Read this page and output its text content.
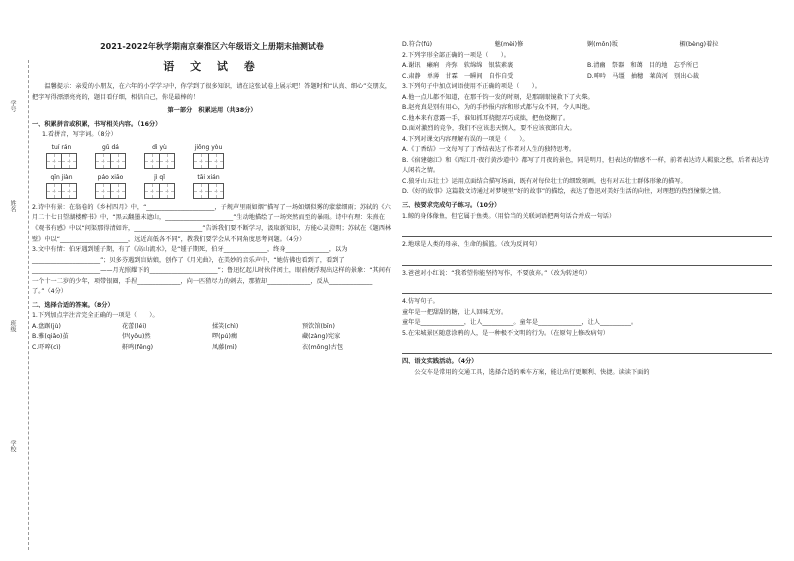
学号
姓名
班级
学校

2021-2022年秋学期南京秦淮区六年级语文上册期末抽测试卷

语 文 试 卷

温馨提示：亲爱的小朋友，在六年的小学学习中，你学到了很多知识，请在这张试卷上展示吧！答题时和“认真、细心”交朋友，把字写得漂漂亮亮的，题目看仔细，相信自己，你是最棒的！

第一部分　积累运用（共38分）

一、积累拼音或积累，书写相关内容。（16分）

1.看拼音，写字词。（8分）

tuí rán	gǔ dá	dì yù	jiōng yòu
qīn jiàn	páo xiāo	jì qǐ	tāi xián

2.诗中有景：在翁卷的《乡村四月》中，“______________________，子规声里雨如烟”描写了一场如烟似雾的蒙蒙细雨；苏轼的《六月二十七日望湖楼醉书》中，“黑云翻墨未遮山，______________________”生动地描绘了一场突然而至的暴雨。诗中有理：朱熹在《观书有感》中以“问渠那得清如许，______________________”告诉我们要不断学习，汲取新知识，方能心灵澄明；苏轼在《题西林壁》中以“______________________，远近高低各不同”，教我们要学会从不同角度思考问题。（4分）

3.文中有情：伯牙遇到锺子期，有了《高山流水》，是“锺子期死，伯牙______________，终身______________，以为______________________”；贝多芬遇到盲姑娘，创作了《月光曲》，在美妙的音乐声中，“她仿佛也看到了，看到了______________________——月光照耀下的______________________”；鲁迅忆起儿时伙伴闰土，眼前便浮现出这样的景象：“其间有一个十一二岁的少年，项带银圈，手捏______________，向一匹猹尽力的刺去，那猹却______________，反从______________了。”（4分）

二、选择合适的答案。（8分）

1.下列加点字注音完全正确的一项是（　　）。

A.盘踞(jù)	花蕾(léi)	揉笑(chì)	预饮馆(bīn)
B.雅(qiǎo)茧	伊(yǒu)然	啰(pú)瘸	藏(zàng)宪家
C.吓啐(cì)	鼾鸣(fēng)	凤藤(mì)	衣(mǒng)古包
D.符合(fú)	魅(mèi)修	婀(mǒn)坂	楣(bèng)着拉

2.下列字形全部正确的一项是（　　）。

A.谢讯　癞痢　舟弥　软绵绵　银装素裹	B.清幽　祭器　和蔼　目的地　忘乎所已
C.肃静　单薄　甘霖　一瞬间　自作自受	D.呻吟　马缰　抽穗　莱茵河　别出心裁

3.下列句子中加点词语使用不正确的项是（　　）。

A.他一点儿都不知道，在那千钧一发的时刻，是那副眼镜救下了火柴。

B.赵亮真是别有用心，为的手抄报内容和形式都与众不同，令人叫绝。

C.他本来有意露一手，谁知抓耳挠腮弄巧成拙，把鱼烧糊了。

D.面对激烈的竞争，我们不应该悲天悯人，要不应该夜郎自大。

4.下列对课文内容理解有误的一项是（　　）。

A.《丁香结》一文每写了丁香结表达了作者对人生的独特思考。

B.《宿建德江》和《西江月·夜行黄沙道中》都写了月夜的景色，同是明月，但表达的情感不一样，前者表达诗人羁旅之愁，后者表达诗人闲若之情。

C.狼牙山五壮士》运用点面结合描写场面，既有对每位壮士的细致刻画，也有对五壮士群体形象的描写。

D.《好的故事》这篇散文诗通过对梦境里“好的故事”的描绘，表达了鲁迅对美好生活的向往，对理想的热烈憧憬之情。

三、按要求完成句子练习。（10分）

1.鲸的身体像鱼，但它属于鱼类。（用恰当的关联词语把两句话合并成一句话）

2.地球是人类的母亲、生命的摇篮。（改为反问句）

3.爸爸对小红说：“我希望你能坚持写作，不要放弃。”（改为转述句）

4.仿写句子。

童年是一把甜甜的糖，让人回味无穷。

童年是______________，让人__________。童年是______________，让人__________。

5.在宋城景区随意涂鸦的人，是一种极不文明的行为。（在原句上修改病句）

四、语文实践活动。（4分）

公交车是常用的交通工具，选择合适的乘车方案，能让出行更顺利、快捷。读读下面的
